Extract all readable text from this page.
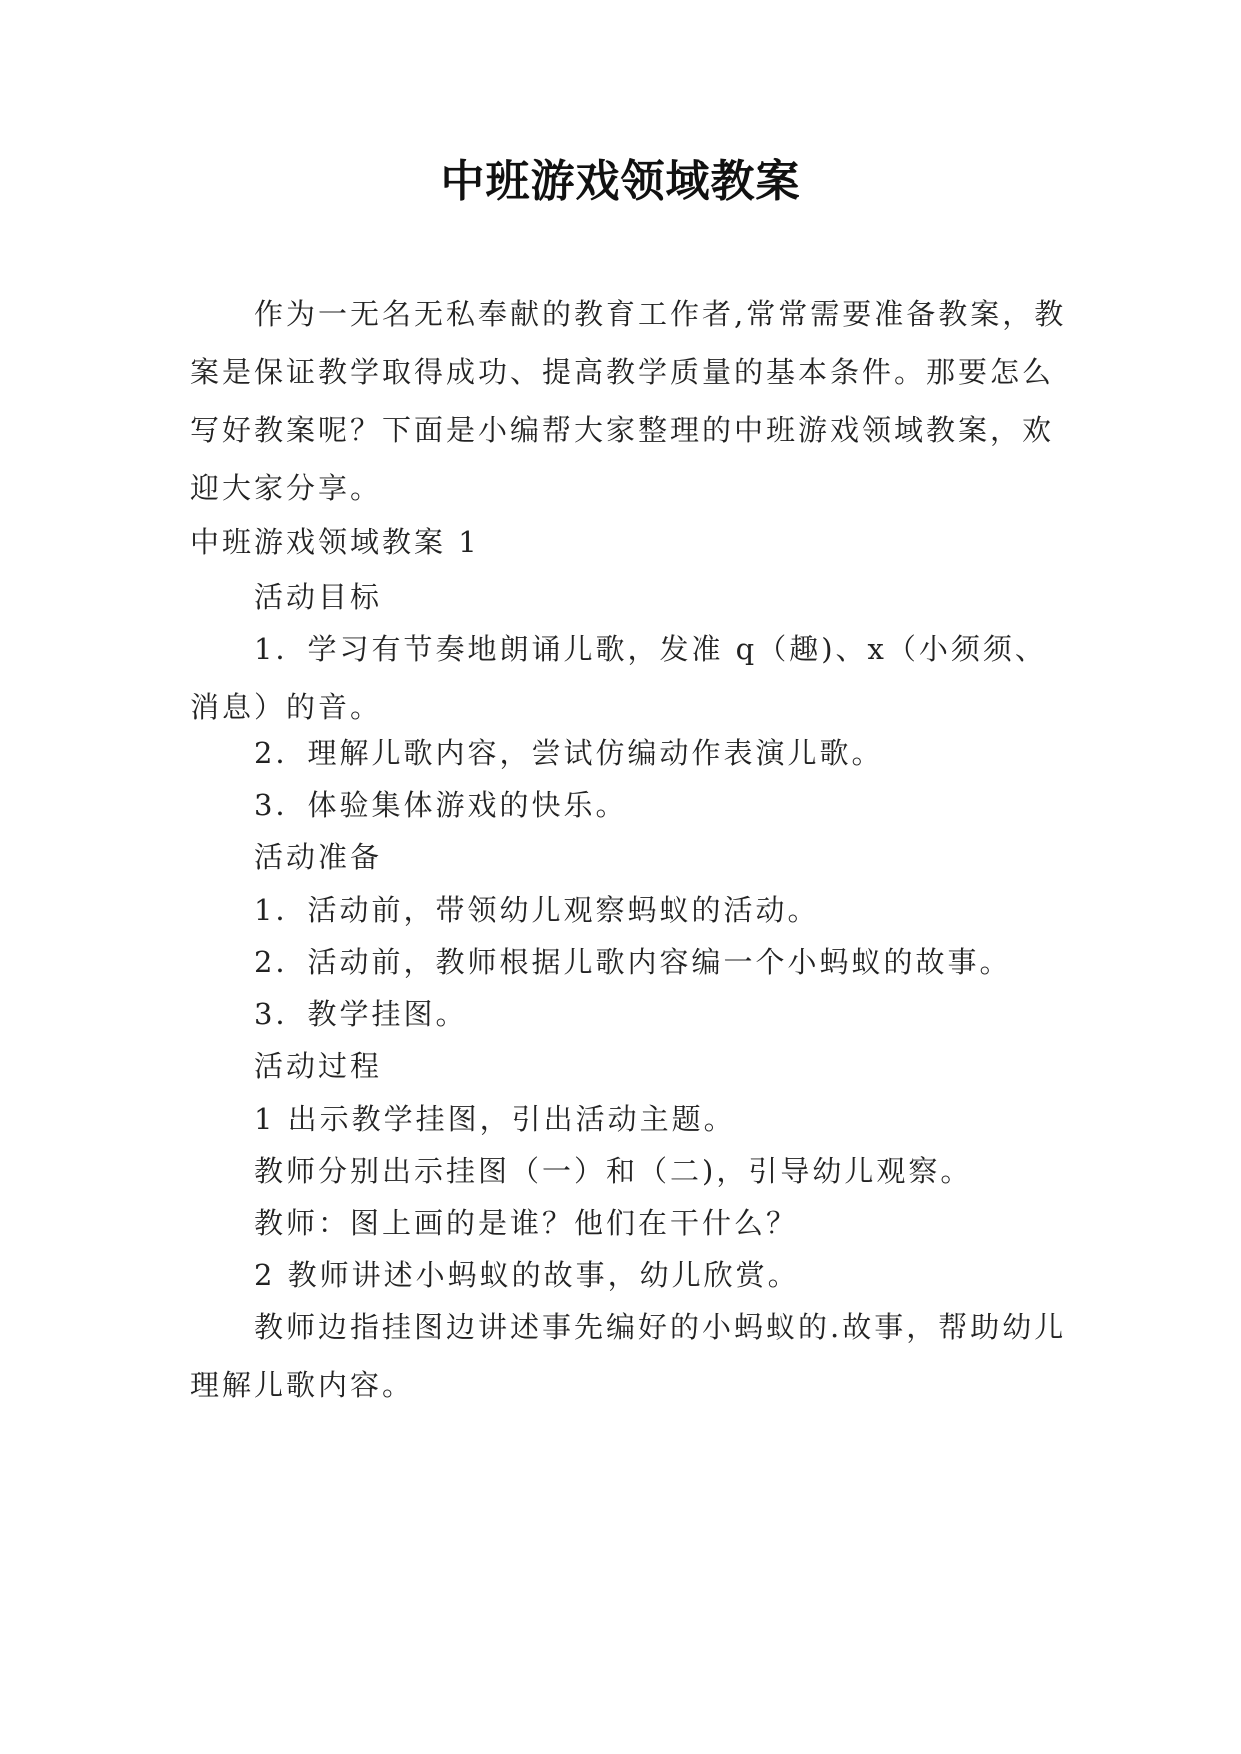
中班游戏领域教案

作为一无名无私奉献的教育工作者,常常需要准备教案，教案是保证教学取得成功、提高教学质量的基本条件。那要怎么写好教案呢？下面是小编帮大家整理的中班游戏领域教案，欢迎大家分享。

中班游戏领域教案 1

活动目标

1．学习有节奏地朗诵儿歌，发准 q（趣)、x（小须须、消息）的音。

2．理解儿歌内容，尝试仿编动作表演儿歌。

3．体验集体游戏的快乐。

活动准备

1．活动前，带领幼儿观察蚂蚁的活动。

2．活动前，教师根据儿歌内容编一个小蚂蚁的故事。

3．教学挂图。

活动过程

1 出示教学挂图，引出活动主题。

教师分别出示挂图（一）和（二)，引导幼儿观察。

教师：图上画的是谁？他们在干什么？

2 教师讲述小蚂蚁的故事，幼儿欣赏。

教师边指挂图边讲述事先编好的小蚂蚁的.故事，帮助幼儿理解儿歌内容。
